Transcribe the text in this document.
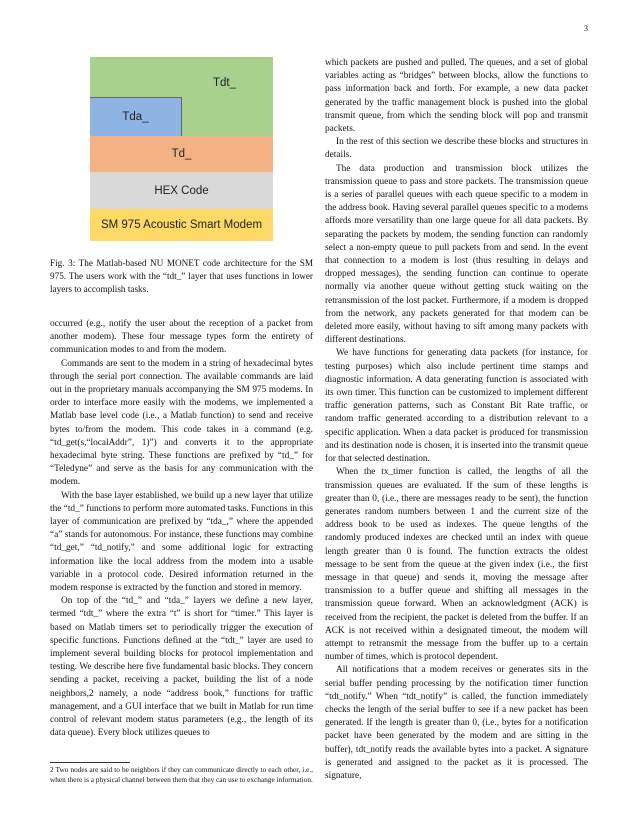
3
Tdt_
Tda_
Td_
HEX Code
SM 975 Acoustic Smart Modem
Fig. 3: The Matlab-based NU MONET code architecture for the SM 975. The users work with the “tdt_” layer that uses functions in lower layers to accomplish tasks.

occurred (e.g., notify the user about the reception of a packet from another modem). These four message types form the entirety of communication modes to and from the modem.

Commands are sent to the modem in a string of hexadecimal bytes through the serial port connection. The available commands are laid out in the proprietary manuals accompanying the SM 975 modems. In order to interface more easily with the modems, we implemented a Matlab base level code (i.e., a Matlab function) to send and receive bytes to/from the modem. This code takes in a command (e.g. “td_get(s,“localAddr”, 1)”) and converts it to the appropriate hexadecimal byte string. These functions are prefixed by “td_” for “Teledyne” and serve as the basis for any communication with the modem.

With the base layer established, we build up a new layer that utilize the “td_” functions to perform more automated tasks. Functions in this layer of communication are prefixed by “tda_,” where the appended “a” stands for autonomous. For instance, these functions may combine “td_get,” “td_notify,” and some additional logic for extracting information like the local address from the modem into a usable variable in a protocol code. Desired information returned in the modem response is extracted by the function and stored in memory.

On top of the “td_” and “tda_” layers we define a new layer, termed “tdt_” where the extra “t” is short for “timer.” This layer is based on Matlab timers set to periodically trigger the execution of specific functions. Functions defined at the “tdt_” layer are used to implement several building blocks for protocol implementation and testing. We describe here five fundamental basic blocks. They concern sending a packet, receiving a packet, building the list of a node neighbors,2 namely, a node “address book,” functions for traffic management, and a GUI interface that we built in Matlab for run time control of relevant modem status parameters (e.g., the length of its data queue). Every block utilizes queues to

2 Two nodes are said to be neighbors if they can communicate directly to each other, i.e., when there is a physical channel between them that they can use to exchange information.

which packets are pushed and pulled. The queues, and a set of global variables acting as “bridges” between blocks, allow the functions to pass information back and forth. For example, a new data packet generated by the traffic management block is pushed into the global transmit queue, from which the sending block will pop and transmit packets.

In the rest of this section we describe these blocks and structures in details.

The data production and transmission block utilizes the transmission queue to pass and store packets. The transmission queue is a series of parallel queues with each queue specific to a modem in the address book. Having several parallel queues specific to a modems affords more versatility than one large queue for all data packets. By separating the packets by modem, the sending function can randomly select a non-empty queue to pull packets from and send. In the event that connection to a modem is lost (thus resulting in delays and dropped messages), the sending function can continue to operate normally via another queue without getting stuck waiting on the retransmission of the lost packet. Furthermore, if a modem is dropped from the network, any packets generated for that modem can be deleted more easily, without having to sift among many packets with different destinations.

We have functions for generating data packets (for instance, for testing purposes) which also include pertinent time stamps and diagnostic information. A data generating function is associated with its own timer. This function can be customized to implement different traffic generation patterns, such as Constant Bit Rate traffic, or random traffic generated according to a distribution relevant to a specific application. When a data packet is produced for transmission and its destination node is chosen, it is inserted into the transmit queue for that selected destination.

When the tx_timer function is called, the lengths of all the transmission queues are evaluated. If the sum of these lengths is greater than 0, (i.e., there are messages ready to be sent), the function generates random numbers between 1 and the current size of the address book to be used as indexes. The queue lengths of the randomly produced indexes are checked until an index with queue length greater than 0 is found. The function extracts the oldest message to be sent from the queue at the given index (i.e., the first message in that queue) and sends it, moving the message after transmission to a buffer queue and shifting all messages in the transmission queue forward. When an acknowledgment (ACK) is received from the recipient, the packet is deleted from the buffer. If an ACK is not received within a designated timeout, the modem will attempt to retransmit the message from the buffer up to a certain number of times, which is protocol dependent.

All notifications that a modem receives or generates sits in the serial buffer pending processing by the notification timer function “tdt_notify.” When “tdt_notify” is called, the function immediately checks the length of the serial buffer to see if a new packet has been generated. If the length is greater than 0, (i.e., bytes for a notification packet have been generated by the modem and are sitting in the buffer), tdt_notify reads the available bytes into a packet. A signature is generated and assigned to the packet as it is processed. The signature,
